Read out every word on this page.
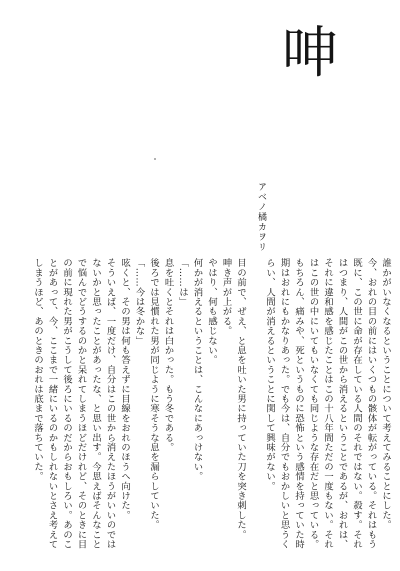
呻
アベノ橘カヲリ

誰かがいなくなるということについて考えてみることにした。

今、おれの目の前にはいくつもの骸体が転がっている。それはもう既に、この世に命が存在している人間のそれではない。殺す。それはつまり、人間がこの世から消えるということであるが、おれは、それに違和感を感じたことはこの十八年間ただの一度もない。それはこの世の中にいてもいなくても同じような存在だと思っている。もちろん、痛みや、死というものに恐怖という感情を持っていた時期はおれにもかなりあった。でも今は、自分でもおかしいと思うくらい、人間が消えるということに関して興味がない。

目の前で、ぜえ、と息を吐いた男に持っていた刀を突き刺した。

呻き声が上がる。

やはり、何も感じない。

何かが消えるということは、こんなにあっけない。

「……は」

息を吐くとそれは白かった。もう冬である。

後ろでは見慣れた男が同じように寒そうな息を漏らしていた。

「……今は冬かな」

呟くと、その男は何も答えずに目線をおれのほうへ向けた。

そういえば、一度だけ、自分はこの世から消えたほうがいいのではないかと思ったことがあったな、と思い出す。今思えばそんなことで悩んでどうするのかと呆れてしまうほどだけれど、そのときに目の前に現れた男がこうして後ろにいるのだからおもしろい。あのことがあって、今、ここまで一緒にいるのかもしれないとさえ考えてしまうほど、あのときのおれは底まで落ちていた。
